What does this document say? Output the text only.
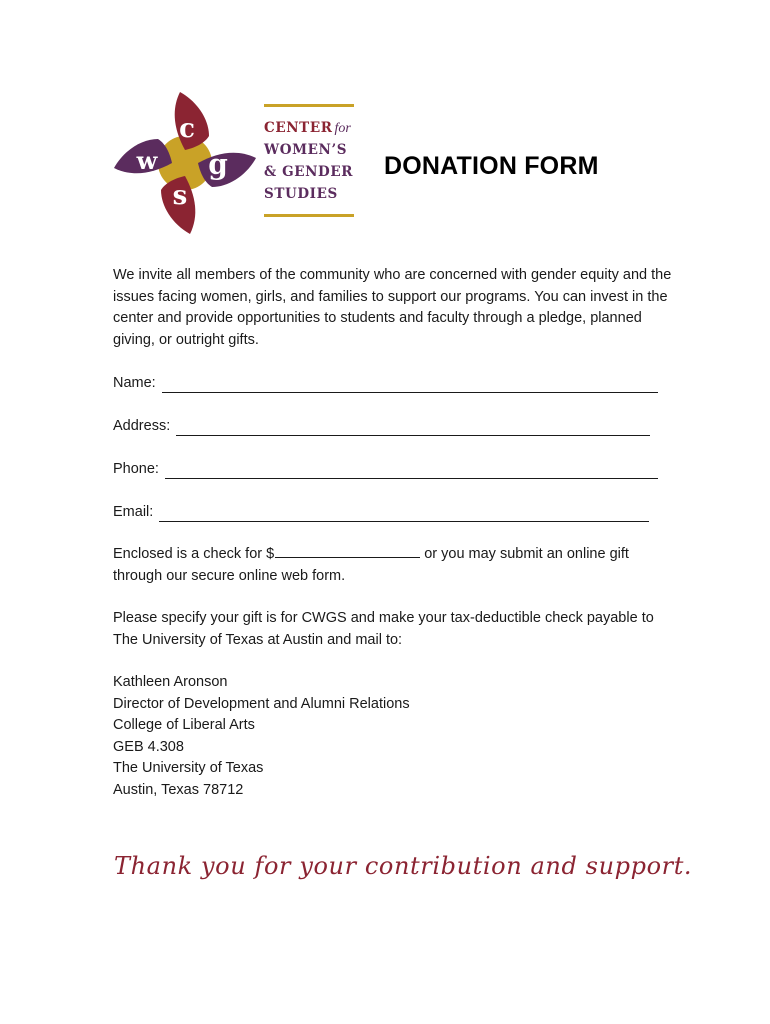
c
w g
s
CENTER for
WOMEN’S
& GENDER
STUDIES
DONATION FORM

We invite all members of the community who are concerned with gender equity and the issues facing women, girls, and families to support our programs. You can invest in the center and provide opportunities to students and faculty through a pledge, planned giving, or outright gifts.

Name:
Address:
Phone:
Email:
Enclosed is a check for $	or you may submit an online gift through our secure online web form.

Please specify your gift is for CWGS and make your tax-deductible check payable to The University of Texas at Austin and mail to:

Kathleen Aronson
Director of Development and Alumni Relations
College of Liberal Arts
GEB 4.308
The University of Texas
Austin, Texas 78712
Thank you for your contribution and support.
